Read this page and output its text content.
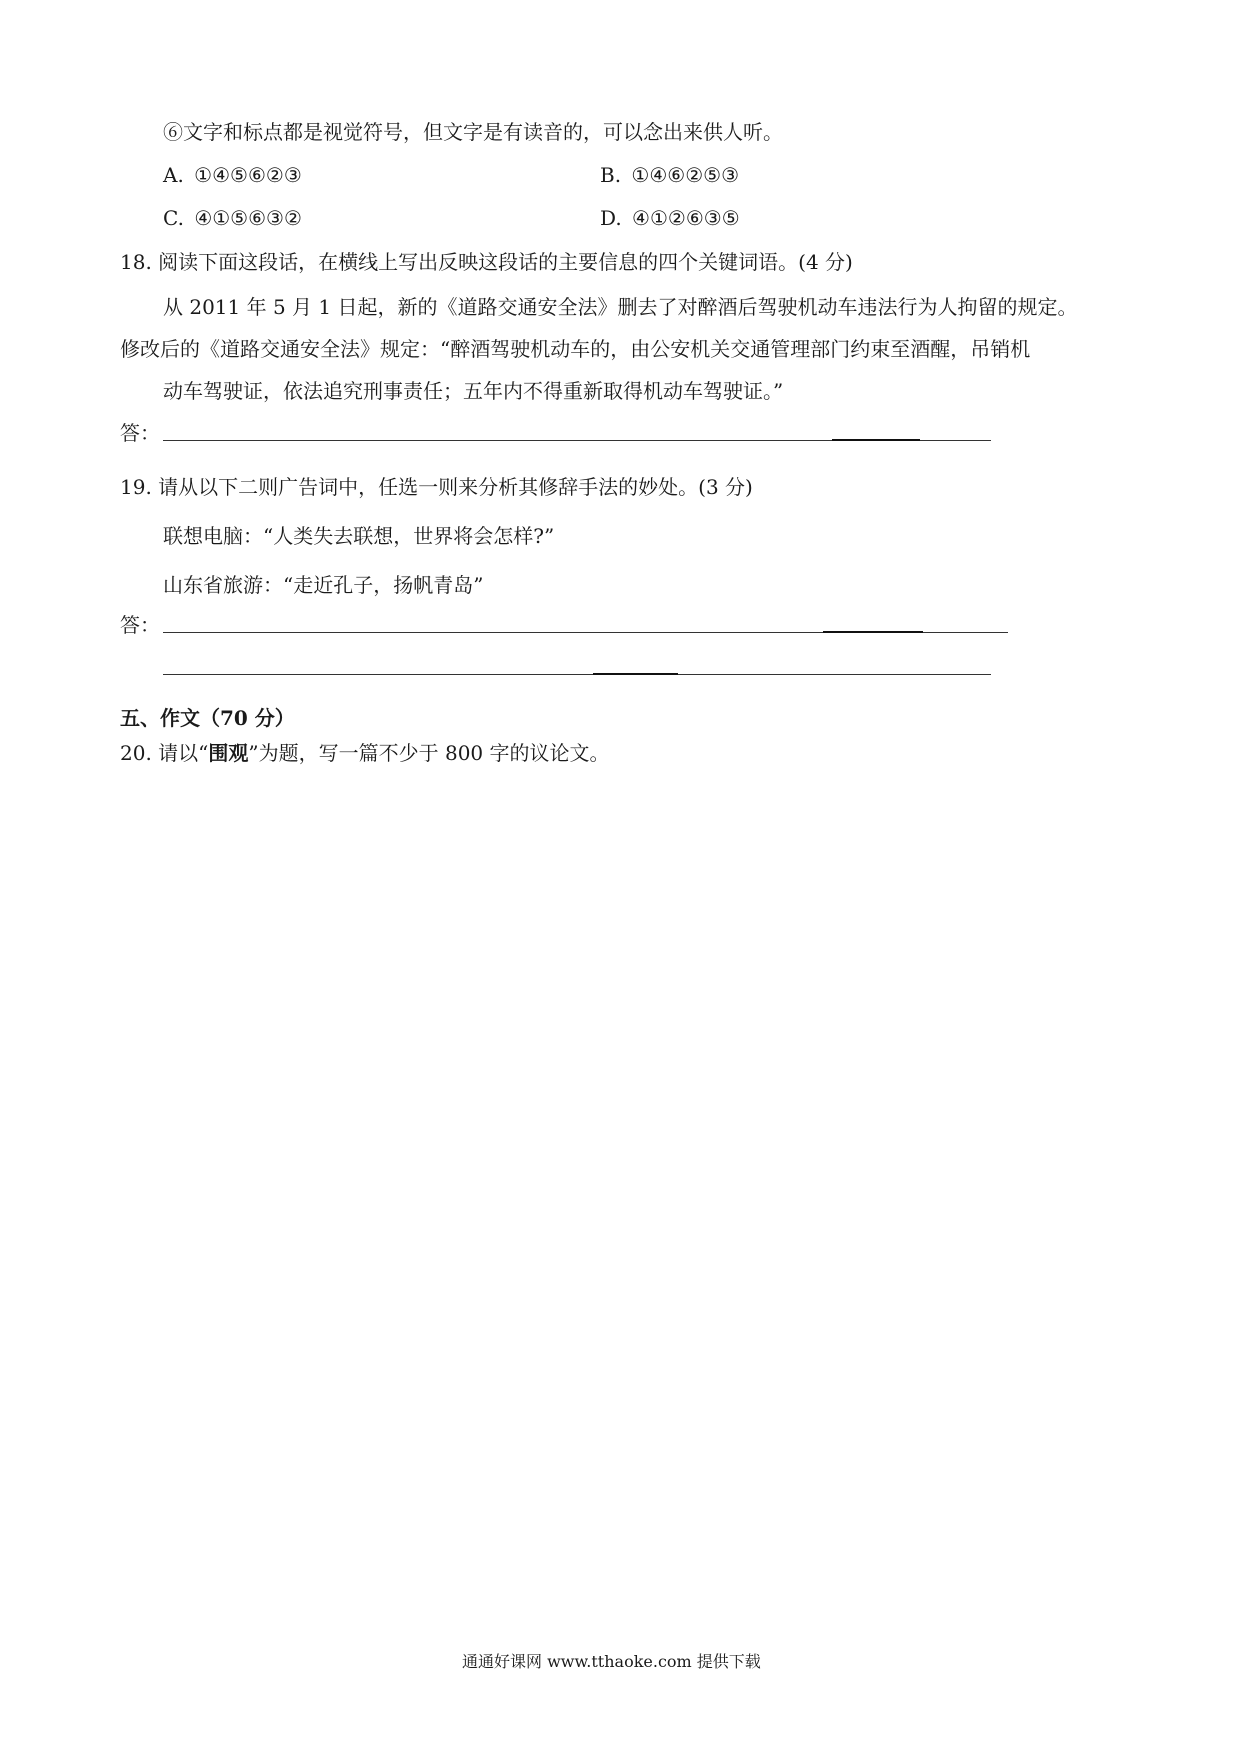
⑥文字和标点都是视觉符号，但文字是有读音的，可以念出来供人听。
A. ①④⑤⑥②③	B. ①④⑥②⑤③
C. ④①⑤⑥③②	D. ④①②⑥③⑤
18. 阅读下面这段话，在横线上写出反映这段话的主要信息的四个关键词语。(4 分)
从 2011 年 5 月 1 日起，新的《道路交通安全法》删去了对醉酒后驾驶机动车违法行为人拘留的规定。
修改后的《道路交通安全法》规定：“醉酒驾驶机动车的，由公安机关交通管理部门约束至酒醒，吊销机
动车驾驶证，依法追究刑事责任；五年内不得重新取得机动车驾驶证。”
答：
19. 请从以下二则广告词中，任选一则来分析其修辞手法的妙处。(3 分)
联想电脑：“人类失去联想，世界将会怎样?”
山东省旅游：“走近孔子，扬帆青岛”
答：
五、作文（70 分）
20. 请以“围观”为题，写一篇不少于 800 字的议论文。
通通好课网 www.tthaoke.com 提供下载
